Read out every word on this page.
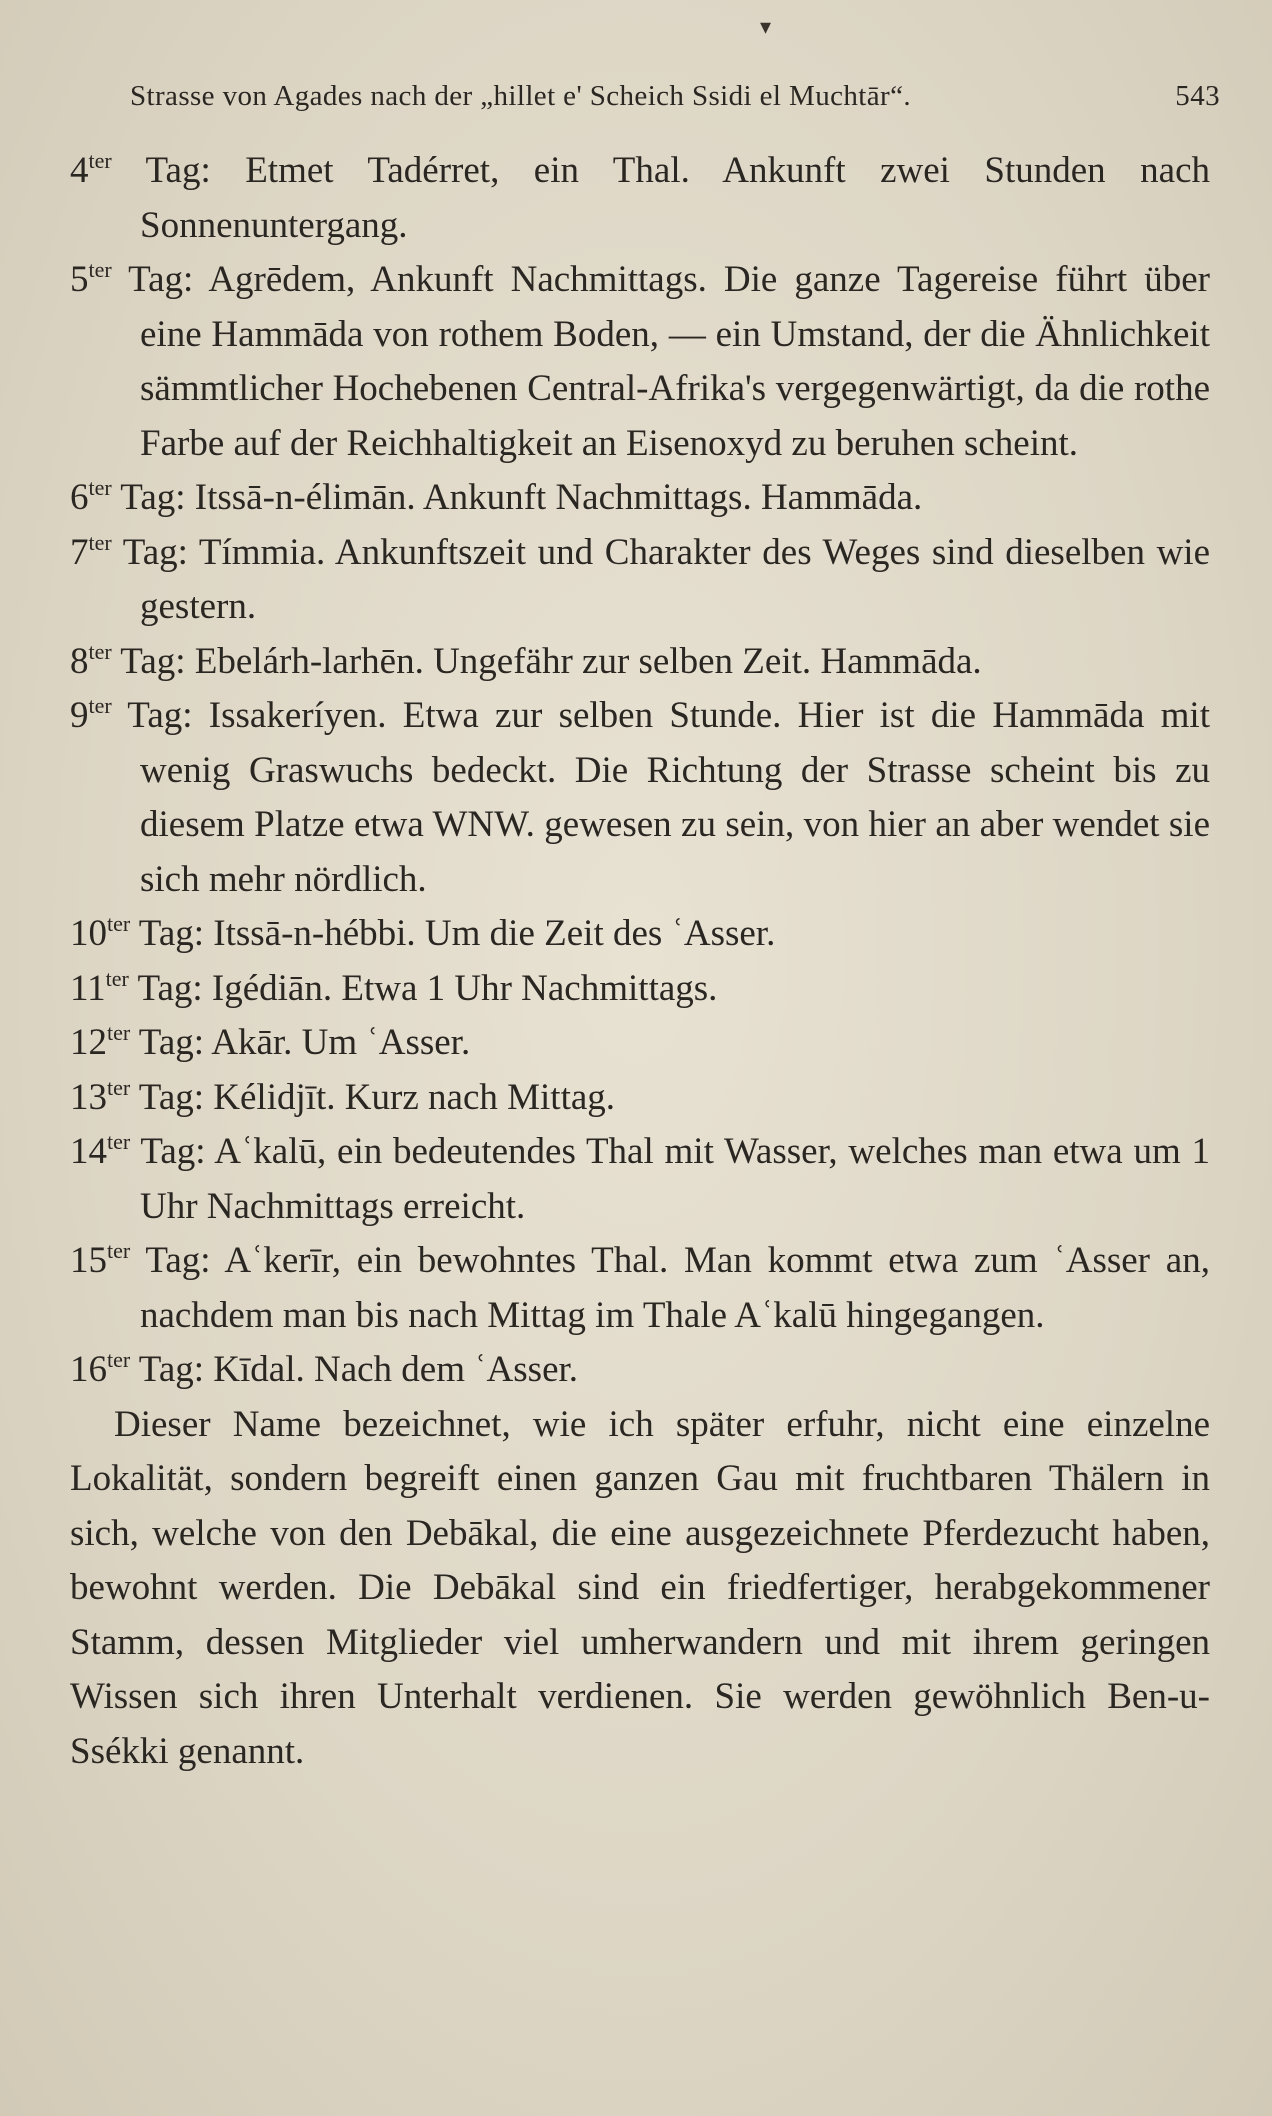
▾
Strasse von Agades nach der „hillet e' Scheich Ssidi el Muchtār“.	543
$4^{ter}$ Tag: Etmet Tadérret, ein Thal. Ankunft zwei Stunden nach Sonnenuntergang.
$5^{ter}$ Tag: Agrēdem, Ankunft Nachmittags. Die ganze Tagereise führt über eine Hammāda von rothem Boden, — ein Umstand, der die Ähnlichkeit sämmtlicher Hochebenen Central-Afrika's vergegenwärtigt, da die rothe Farbe auf der Reichhaltigkeit an Eisenoxyd zu beruhen scheint.
$6^{ter}$ Tag: Itssā-n-élimān. Ankunft Nachmittags. Hammāda.
$7^{ter}$ Tag: Tímmia. Ankunftszeit und Charakter des Weges sind dieselben wie gestern.
$8^{ter}$ Tag: Ebelárh-larhēn. Ungefähr zur selben Zeit. Hammāda.
$9^{ter}$ Tag: Issakeríyen. Etwa zur selben Stunde. Hier ist die Hammāda mit wenig Graswuchs bedeckt. Die Richtung der Strasse scheint bis zu diesem Platze etwa WNW. gewesen zu sein, von hier an aber wendet sie sich mehr nördlich.
$10^{ter}$ Tag: Itssā-n-hébbi. Um die Zeit des ʿAsser.
$11^{ter}$ Tag: Igédiān. Etwa 1 Uhr Nachmittags.
$12^{ter}$ Tag: Akār. Um ʿAsser.
$13^{ter}$ Tag: Kélidjīt. Kurz nach Mittag.
$14^{ter}$ Tag: Aʿkalū, ein bedeutendes Thal mit Wasser, welches man etwa um 1 Uhr Nachmittags erreicht.
$15^{ter}$ Tag: Aʿkerīr, ein bewohntes Thal. Man kommt etwa zum ʿAsser an, nachdem man bis nach Mittag im Thale Aʿkalū hingegangen.
$16^{ter}$ Tag: Kīdal. Nach dem ʿAsser.
Dieser Name bezeichnet, wie ich später erfuhr, nicht eine einzelne Lokalität, sondern begreift einen ganzen Gau mit fruchtbaren Thälern in sich, welche von den Debākal, die eine ausgezeichnete Pferdezucht haben, bewohnt werden. Die Debākal sind ein friedfertiger, herabgekommener Stamm, dessen Mitglieder viel umherwandern und mit ihrem geringen Wissen sich ihren Unterhalt verdienen. Sie werden gewöhnlich Ben-u-Ssékki genannt.
